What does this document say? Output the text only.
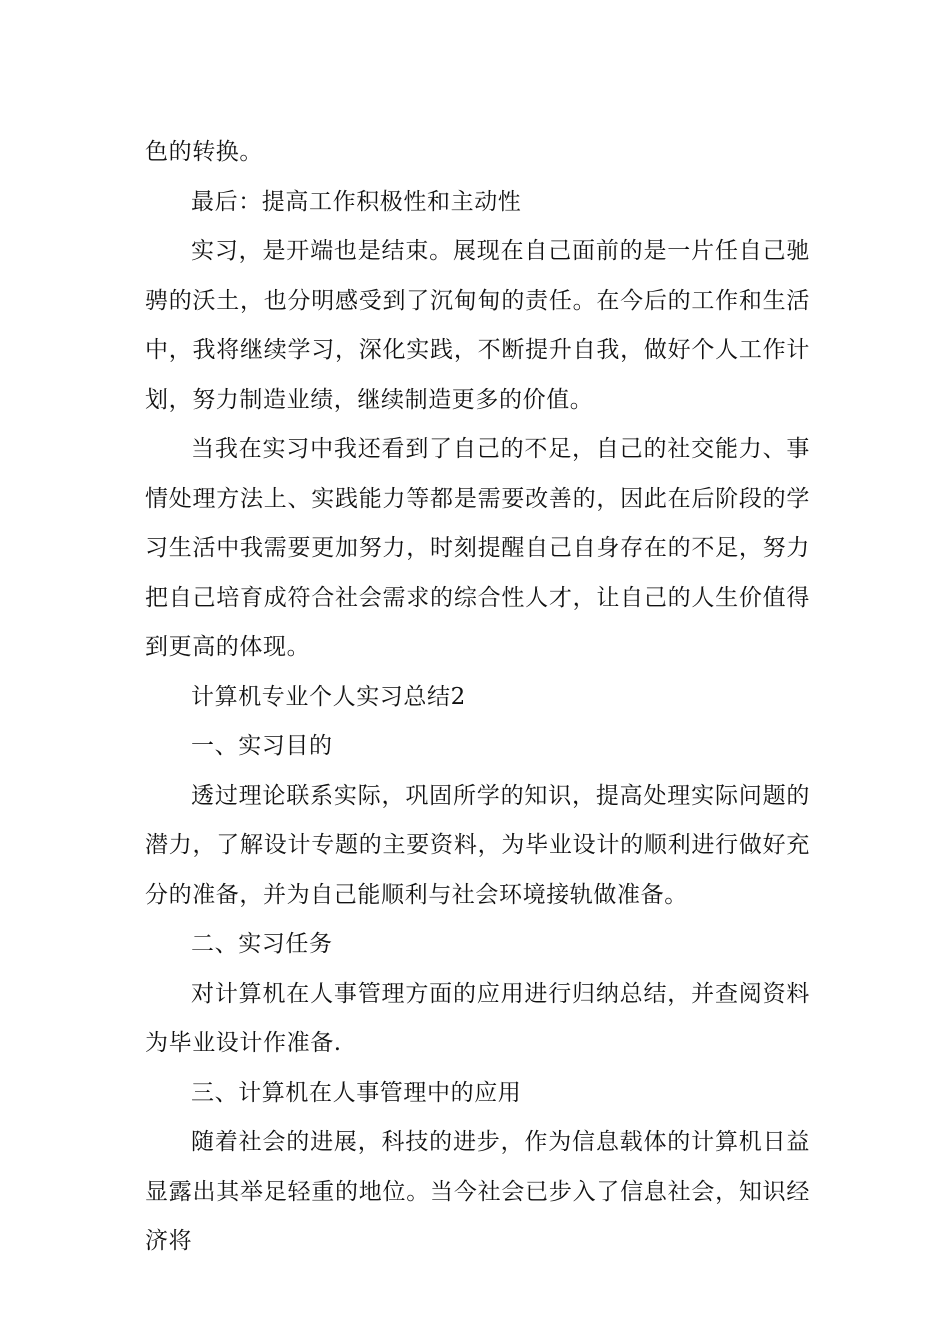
色的转换。

最后：提高工作积极性和主动性

实习，是开端也是结束。展现在自己面前的是一片任自己驰骋的沃土，也分明感受到了沉甸甸的责任。在今后的工作和生活中，我将继续学习，深化实践，不断提升自我，做好个人工作计划，努力制造业绩，继续制造更多的价值。

当我在实习中我还看到了自己的不足，自己的社交能力、事情处理方法上、实践能力等都是需要改善的，因此在后阶段的学习生活中我需要更加努力，时刻提醒自己自身存在的不足，努力把自己培育成符合社会需求的综合性人才，让自己的人生价值得到更高的体现。

计算机专业个人实习总结2

一、实习目的

透过理论联系实际，巩固所学的知识，提高处理实际问题的潜力，了解设计专题的主要资料，为毕业设计的顺利进行做好充分的准备，并为自己能顺利与社会环境接轨做准备。

二、实习任务

对计算机在人事管理方面的应用进行归纳总结，并查阅资料为毕业设计作准备.

三、计算机在人事管理中的应用

随着社会的进展，科技的进步，作为信息载体的计算机日益显露出其举足轻重的地位。当今社会已步入了信息社会，知识经济将
